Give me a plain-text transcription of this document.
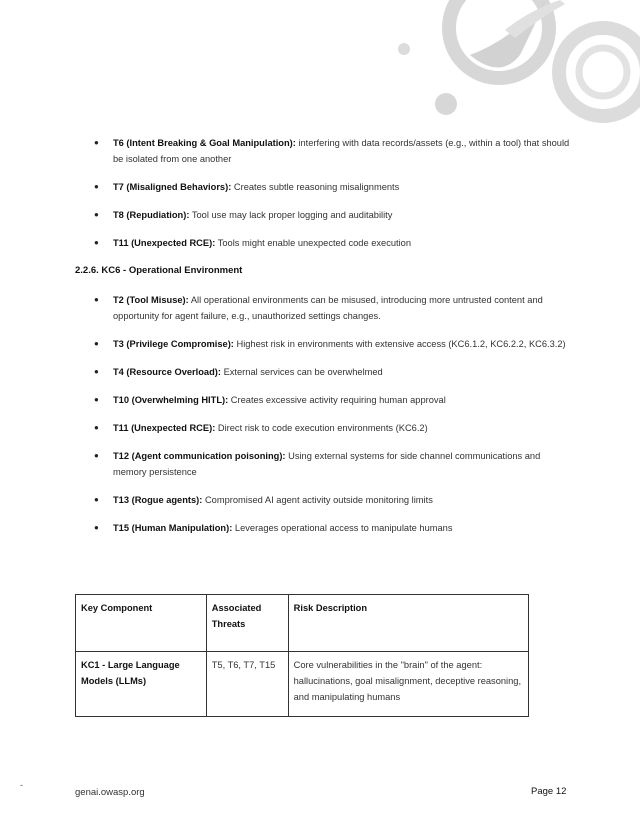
● T6 (Intent Breaking & Goal Manipulation): interfering with data records/assets (e.g., within a tool) that should be isolated from one another
● T7 (Misaligned Behaviors): Creates subtle reasoning misalignments
● T8 (Repudiation): Tool use may lack proper logging and auditability
● T11 (Unexpected RCE): Tools might enable unexpected code execution
2.2.6. KC6 - Operational Environment
● T2 (Tool Misuse): All operational environments can be misused, introducing more untrusted content and opportunity for agent failure, e.g., unauthorized settings changes.
● T3 (Privilege Compromise): Highest risk in environments with extensive access (KC6.1.2, KC6.2.2, KC6.3.2)
● T4 (Resource Overload): External services can be overwhelmed
● T10 (Overwhelming HITL): Creates excessive activity requiring human approval
● T11 (Unexpected RCE): Direct risk to code execution environments (KC6.2)
● T12 (Agent communication poisoning): Using external systems for side channel communications and memory persistence
● T13 (Rogue agents): Compromised AI agent activity outside monitoring limits
● T15 (Human Manipulation): Leverages operational access to manipulate humans
Key Component	Associated Threats	Risk Description
KC1 - Large Language Models (LLMs)	T5, T6, T7, T15	Core vulnerabilities in the "brain" of the agent: hallucinations, goal misalignment, deceptive reasoning, and manipulating humans
-
genai.owasp.org	Page 12
